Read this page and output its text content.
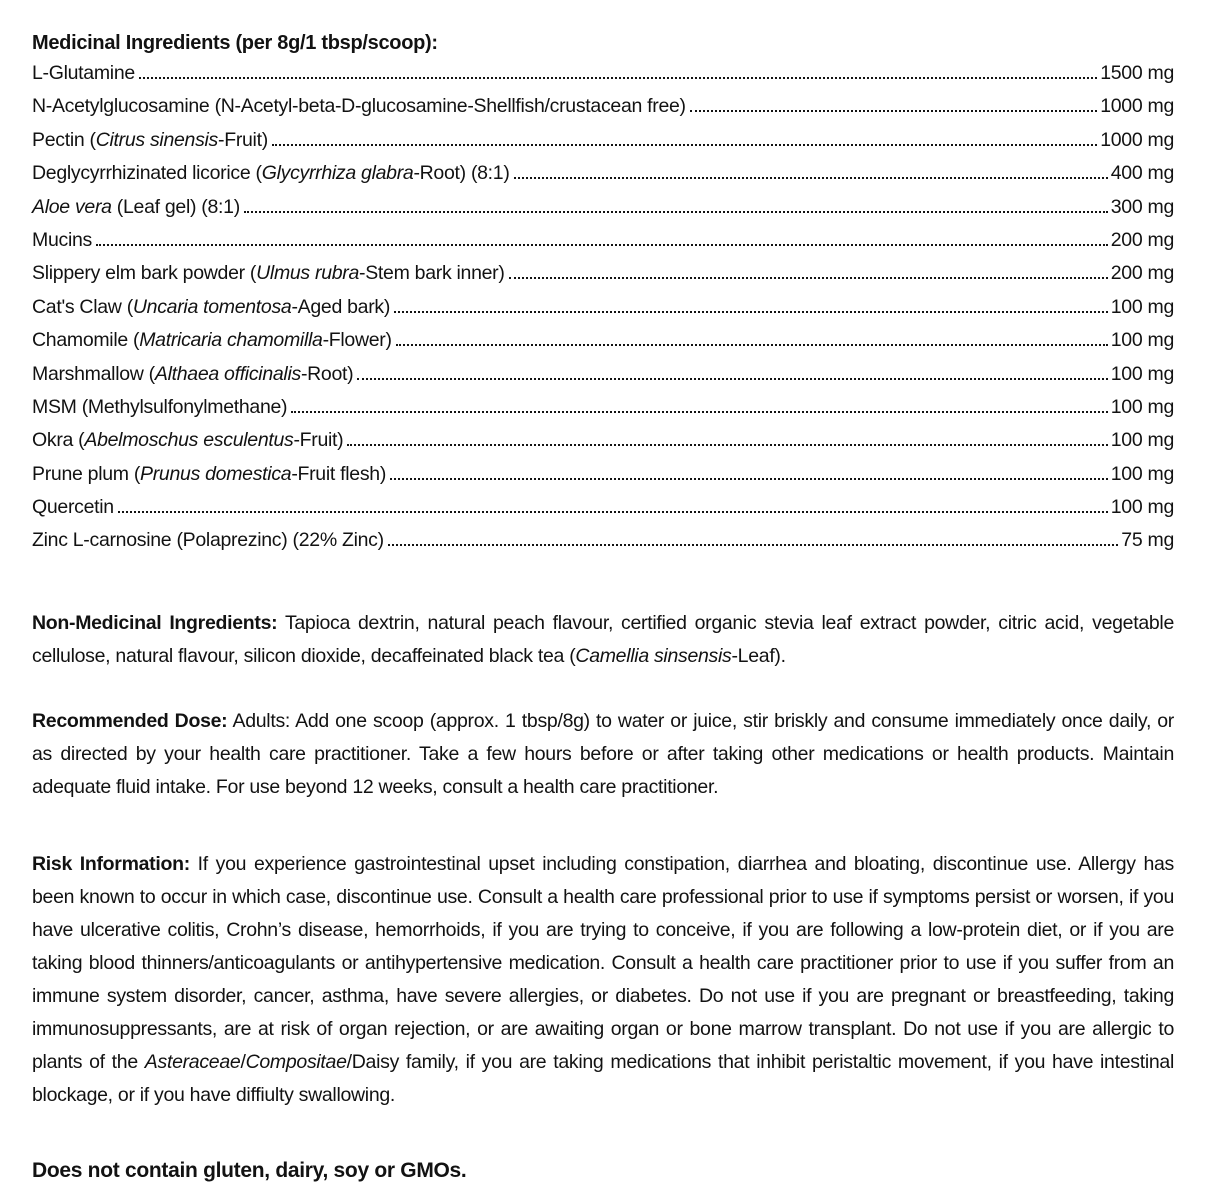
Medicinal Ingredients (per 8g/1 tbsp/scoop):
L-Glutamine	1500 mg
N-Acetylglucosamine (N-Acetyl-beta-D-glucosamine-Shellfish/crustacean free)	1000 mg
Pectin (Citrus sinensis-Fruit)	1000 mg
Deglycyrrhizinated licorice (Glycyrrhiza glabra-Root) (8:1)	400 mg
Aloe vera (Leaf gel) (8:1)	300 mg
Mucins	200 mg
Slippery elm bark powder (Ulmus rubra-Stem bark inner)	200 mg
Cat's Claw (Uncaria tomentosa-Aged bark)	100 mg
Chamomile (Matricaria chamomilla-Flower)	100 mg
Marshmallow (Althaea officinalis-Root)	100 mg
MSM (Methylsulfonylmethane)	100 mg
Okra (Abelmoschus esculentus-Fruit)	100 mg
Prune plum (Prunus domestica-Fruit flesh)	100 mg
Quercetin	100 mg
Zinc L-carnosine (Polaprezinc) (22% Zinc)	75 mg

Non-Medicinal Ingredients: Tapioca dextrin, natural peach flavour, certified organic stevia leaf extract powder, citric acid, vegetable cellulose, natural flavour, silicon dioxide, decaffeinated black tea (Camellia sinsensis-Leaf).

Recommended Dose: Adults: Add one scoop (approx. 1 tbsp/8g) to water or juice, stir briskly and consume immediately once daily, or as directed by your health care practitioner. Take a few hours before or after taking other medications or health products. Maintain adequate fluid intake. For use beyond 12 weeks, consult a health care practitioner.

Risk Information: If you experience gastrointestinal upset including constipation, diarrhea and bloating, discontinue use. Allergy has been known to occur in which case, discontinue use. Consult a health care professional prior to use if symptoms persist or worsen, if you have ulcerative colitis, Crohn’s disease, hemorrhoids, if you are trying to conceive, if you are following a low-protein diet, or if you are taking blood thinners/anticoagulants or antihypertensive medication. Consult a health care practitioner prior to use if you suffer from an immune system disorder, cancer, asthma, have severe allergies, or diabetes. Do not use if you are pregnant or breastfeeding, taking immunosuppressants, are at risk of organ rejection, or are awaiting organ or bone marrow transplant. Do not use if you are allergic to plants of the Asteraceae/Compositae/Daisy family, if you are taking medications that inhibit peristaltic movement, if you have intestinal blockage, or if you have diffiulty swallowing.

Does not contain gluten, dairy, soy or GMOs.
